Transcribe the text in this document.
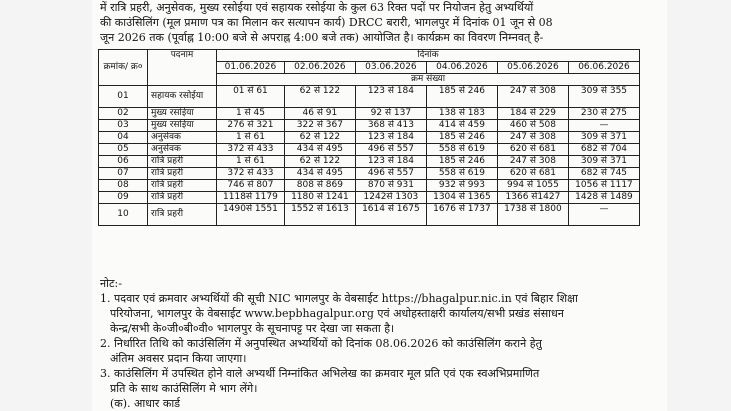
में रात्रि प्रहरी, अनुसेवक, मुख्य रसोईया एवं सहायक रसोईया के कुल 63 रिक्त पदों पर नियोजन हेतु अभ्यर्थियों

की काउंसिलिंग (मूल प्रमाण पत्र का मिलान कर सत्यापन कार्य) DRCC बरारी, भागलपुर में दिनांक 01 जून से 08

जून 2026 तक (पूर्वाह्न 10:00 बजे से अपराह्न 4:00 बजे तक) आयोजित है। कार्यक्रम का विवरण निम्नवत् है-

क्रमांक/ क्र०	पदनाम	दिनांक					
		01.06.2026	02.06.2026	03.06.2026	04.06.2026	05.06.2026	06.06.2026
		क्रम संख्या					
01	सहायक रसोईया	01 से 61	62 से 122	123 से 184	185 से 246	247 से 308	309 से 355
02	मुख्य रसोईया	1 से 45	46 से 91	92 से 137	138 से 183	184 से 229	230 से 275
03	मुख्य रसोईया	276 से 321	322 से 367	368 से 413	414 से 459	460 से 508	—
04	अनुसेवक	1 से 61	62 से 122	123 से 184	185 से 246	247 से 308	309 से 371
05	अनुसेवक	372 से 433	434 से 495	496 से 557	558 से 619	620 से 681	682 से 704
06	रात्रि प्रहरी	1 से 61	62 से 122	123 से 184	185 से 246	247 से 308	309 से 371
07	रात्रि प्रहरी	372 से 433	434 से 495	496 से 557	558 से 619	620 से 681	682 से 745
08	रात्रि प्रहरी	746 से 807	808 से 869	870 से 931	932 से 993	994 से 1055	1056 से 1117
09	रात्रि प्रहरी	1118से 1179	1180 से 1241	1242से 1303	1304 से 1365	1366 से1427	1428 से 1489
10	रात्रि प्रहरी	1490से 1551	1552 से 1613	1614 से 1675	1676 से 1737	1738 से 1800	—

नोट:-

1. पदवार एवं क्रमवार अभ्यर्थियों की सूची NIC भागलपुर के वेबसाईट https://bhagalpur.nic.in एवं बिहार शिक्षा

परियोजना, भागलपुर के वेबसाईट www.bepbhagalpur.org एवं अधोहस्ताक्षरी कार्यालय/सभी प्रखंड संसाधन

केन्द्र/सभी के०जी०बी०वी० भागलपुर के सूचनापट्ट पर देखा जा सकता है।

2. निर्धारित तिथि को काउंसिलिंग में अनुपस्थित अभ्यर्थियों को दिनांक 08.06.2026 को काउंसिलिंग कराने हेतु

अंतिम अवसर प्रदान किया जाएगा।

3. काउंसिलिंग में उपस्थित होने वाले अभ्यर्थी निम्नांकित अभिलेख का क्रमवार मूल प्रति एवं एक स्वअभिप्रमाणित

प्रति के साथ काउंसिलिंग मे भाग लेंगे।

(क). आधार कार्ड
